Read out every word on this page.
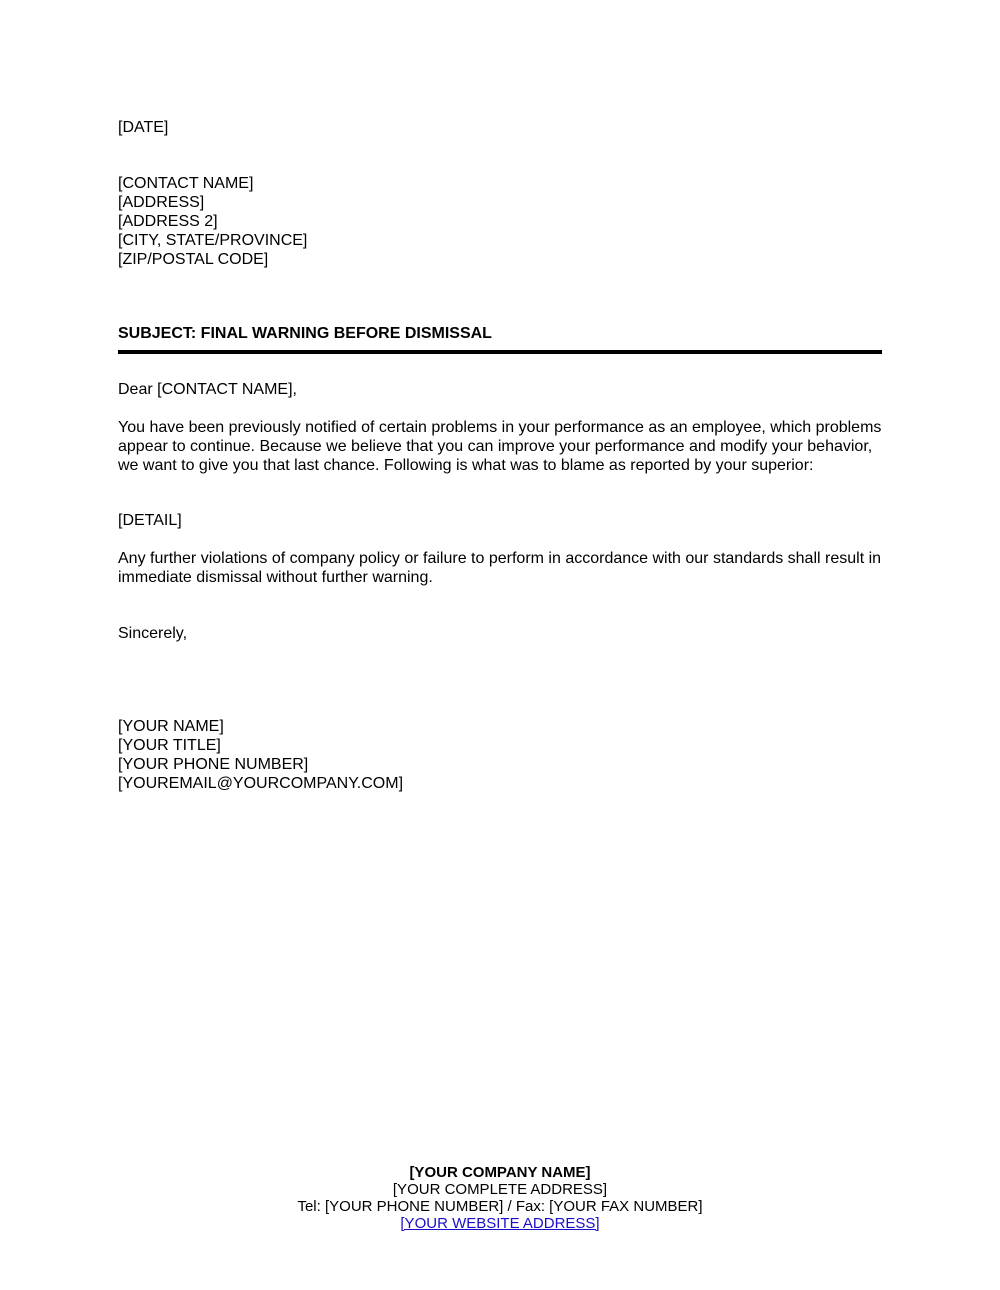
[DATE]
[CONTACT NAME]
[ADDRESS]
[ADDRESS 2]
[CITY, STATE/PROVINCE]
[ZIP/POSTAL CODE]
SUBJECT: FINAL WARNING BEFORE DISMISSAL
Dear [CONTACT NAME],
You have been previously notified of certain problems in your performance as an employee, which problems appear to continue. Because we believe that you can improve your performance and modify your behavior, we want to give you that last chance. Following is what was to blame as reported by your superior:
[DETAIL]
Any further violations of company policy or failure to perform in accordance with our standards shall result in immediate dismissal without further warning.
Sincerely,
[YOUR NAME]
[YOUR TITLE]
[YOUR PHONE NUMBER]
[YOUREMAIL@YOURCOMPANY.COM]
[YOUR COMPANY NAME]
[YOUR COMPLETE ADDRESS]
Tel: [YOUR PHONE NUMBER] / Fax: [YOUR FAX NUMBER]
[YOUR WEBSITE ADDRESS]
